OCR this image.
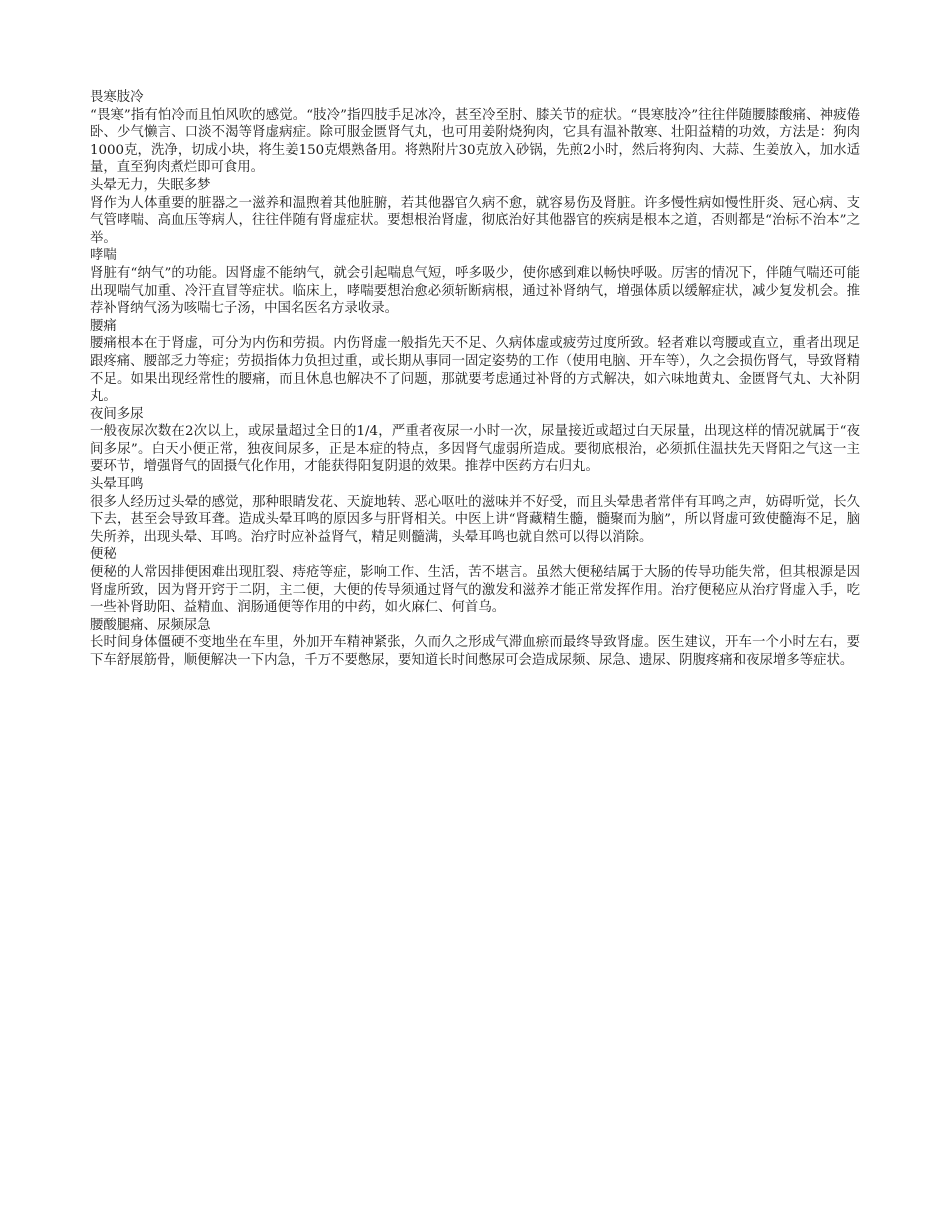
畏寒肢冷

“畏寒”指有怕冷而且怕风吹的感觉。“肢冷”指四肢手足冰冷，甚至冷至肘、膝关节的症状。“畏寒肢冷”往往伴随腰膝酸痛、神疲倦卧、少气懒言、口淡不渴等肾虚病症。除可服金匮肾气丸，也可用姜附烧狗肉，它具有温补散寒、壮阳益精的功效，方法是：狗肉1000克，洗净，切成小块，将生姜150克煨熟备用。将熟附片30克放入砂锅，先煎2小时，然后将狗肉、大蒜、生姜放入，加水适量，直至狗肉煮烂即可食用。

头晕无力，失眠多梦

肾作为人体重要的脏器之一滋养和温煦着其他脏腑，若其他器官久病不愈，就容易伤及肾脏。许多慢性病如慢性肝炎、冠心病、支气管哮喘、高血压等病人，往往伴随有肾虚症状。要想根治肾虚，彻底治好其他器官的疾病是根本之道，否则都是“治标不治本”之举。

哮喘

肾脏有“纳气”的功能。因肾虚不能纳气，就会引起喘息气短，呼多吸少，使你感到难以畅快呼吸。厉害的情况下，伴随气喘还可能出现喘气加重、冷汗直冒等症状。临床上，哮喘要想治愈必须斩断病根，通过补肾纳气，增强体质以缓解症状，减少复发机会。推荐补肾纳气汤为咳喘七子汤，中国名医名方录收录。

腰痛

腰痛根本在于肾虚，可分为内伤和劳损。内伤肾虚一般指先天不足、久病体虚或疲劳过度所致。轻者难以弯腰或直立，重者出现足跟疼痛、腰部乏力等症；劳损指体力负担过重，或长期从事同一固定姿势的工作（使用电脑、开车等），久之会损伤肾气，导致肾精不足。如果出现经常性的腰痛，而且休息也解决不了问题，那就要考虑通过补肾的方式解决，如六味地黄丸、金匮肾气丸、大补阴丸。

夜间多尿

一般夜尿次数在2次以上，或尿量超过全日的1/4，严重者夜尿一小时一次，尿量接近或超过白天尿量，出现这样的情况就属于“夜间多尿”。白天小便正常，独夜间尿多，正是本症的特点，多因肾气虚弱所造成。要彻底根治，必须抓住温扶先天肾阳之气这一主要环节，增强肾气的固摄气化作用，才能获得阳复阴退的效果。推荐中医药方右归丸。

头晕耳鸣

很多人经历过头晕的感觉，那种眼睛发花、天旋地转、恶心呕吐的滋味并不好受，而且头晕患者常伴有耳鸣之声，妨碍听觉，长久下去，甚至会导致耳聋。造成头晕耳鸣的原因多与肝肾相关。中医上讲“肾藏精生髓，髓聚而为脑”，所以肾虚可致使髓海不足，脑失所养，出现头晕、耳鸣。治疗时应补益肾气，精足则髓满，头晕耳鸣也就自然可以得以消除。

便秘

便秘的人常因排便困难出现肛裂、痔疮等症，影响工作、生活，苦不堪言。虽然大便秘结属于大肠的传导功能失常，但其根源是因肾虚所致，因为肾开窍于二阴，主二便，大便的传导须通过肾气的激发和滋养才能正常发挥作用。治疗便秘应从治疗肾虚入手，吃一些补肾助阳、益精血、润肠通便等作用的中药，如火麻仁、何首乌。

腰酸腿痛、尿频尿急

长时间身体僵硬不变地坐在车里，外加开车精神紧张，久而久之形成气滞血瘀而最终导致肾虚。医生建议，开车一个小时左右，要下车舒展筋骨，顺便解决一下内急，千万不要憋尿，要知道长时间憋尿可会造成尿频、尿急、遗尿、阴腹疼痛和夜尿增多等症状。
